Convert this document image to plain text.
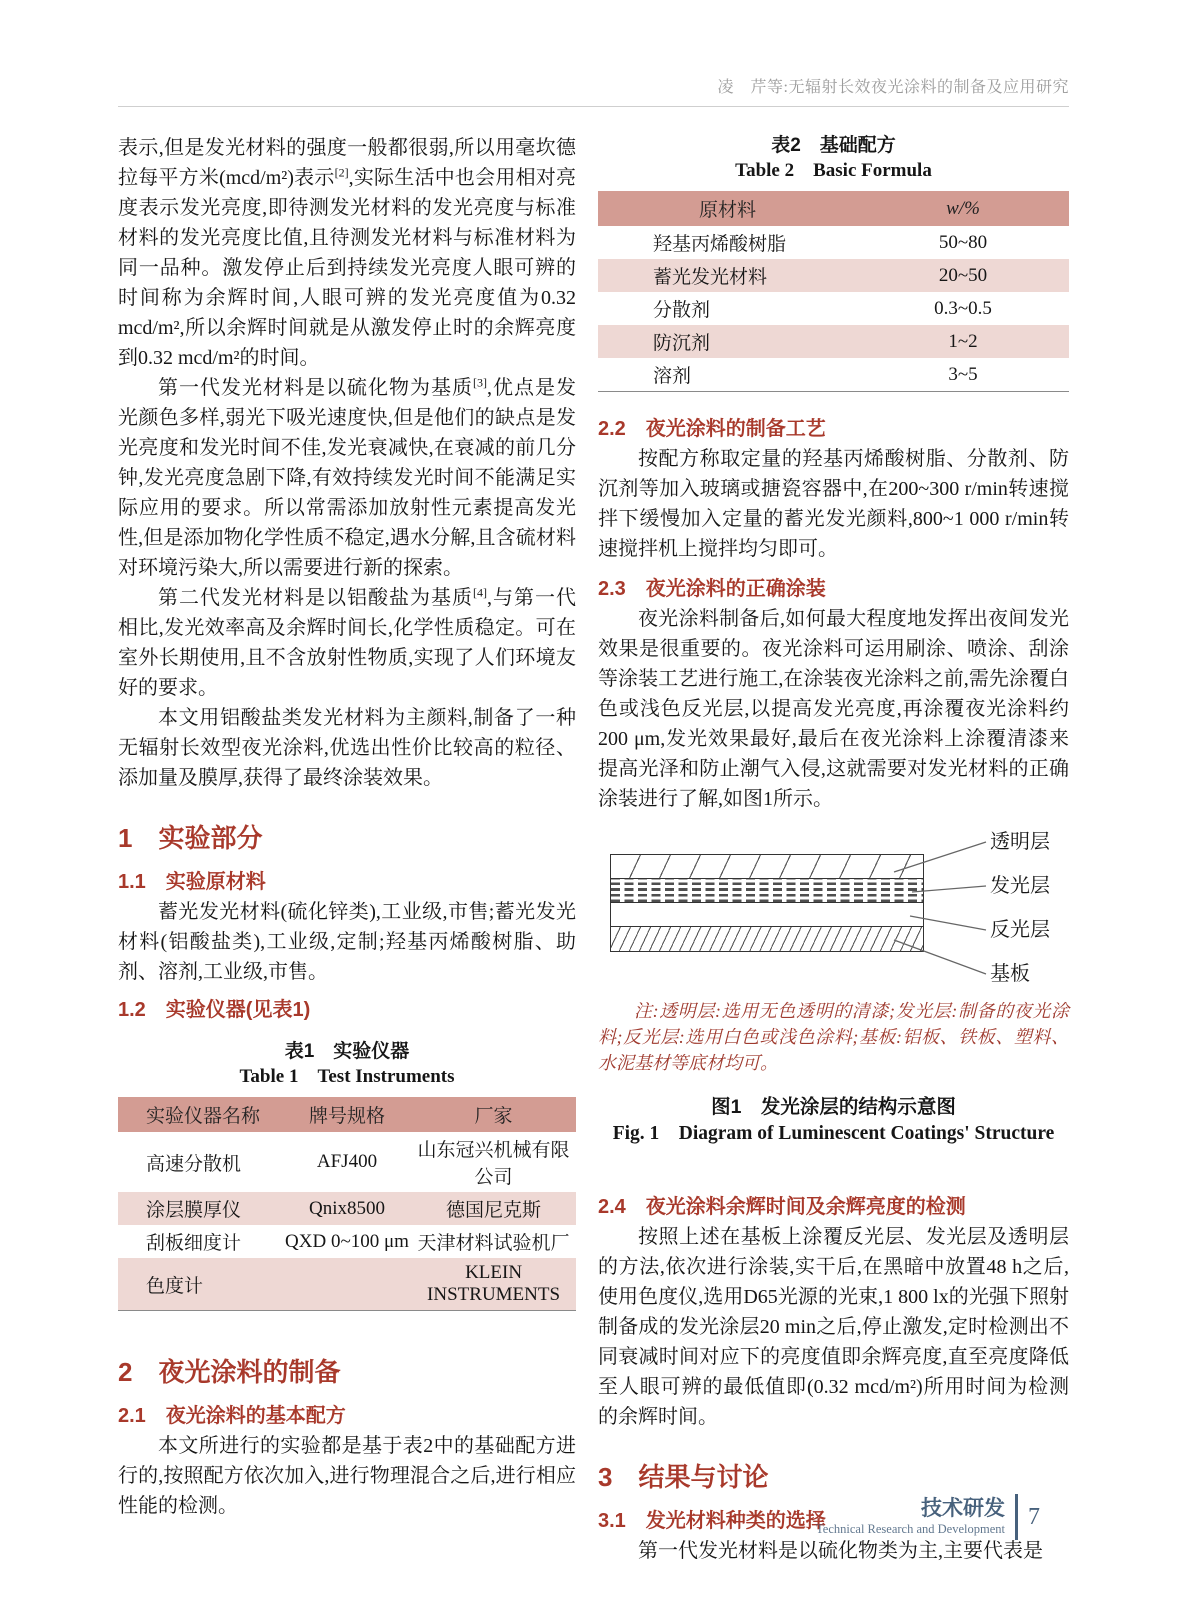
凌　芹等:无辐射长效夜光涂料的制备及应用研究

表示,但是发光材料的强度一般都很弱,所以用毫坎德拉每平方米(mcd/m²)表示[2],实际生活中也会用相对亮度表示发光亮度,即待测发光材料的发光亮度与标准材料的发光亮度比值,且待测发光材料与标准材料为同一品种。激发停止后到持续发光亮度人眼可辨的时间称为余辉时间,人眼可辨的发光亮度值为0.32 mcd/m²,所以余辉时间就是从激发停止时的余辉亮度到0.32 mcd/m²的时间。

第一代发光材料是以硫化物为基质[3],优点是发光颜色多样,弱光下吸光速度快,但是他们的缺点是发光亮度和发光时间不佳,发光衰减快,在衰减的前几分钟,发光亮度急剧下降,有效持续发光时间不能满足实际应用的要求。所以常需添加放射性元素提高发光性,但是添加物化学性质不稳定,遇水分解,且含硫材料对环境污染大,所以需要进行新的探索。

第二代发光材料是以铝酸盐为基质[4],与第一代相比,发光效率高及余辉时间长,化学性质稳定。可在室外长期使用,且不含放射性物质,实现了人们环境友好的要求。

本文用铝酸盐类发光材料为主颜料,制备了一种无辐射长效型夜光涂料,优选出性价比较高的粒径、添加量及膜厚,获得了最终涂装效果。

1　实验部分
1.1　实验原材料

蓄光发光材料(硫化锌类),工业级,市售;蓄光发光材料(铝酸盐类),工业级,定制;羟基丙烯酸树脂、助剂、溶剂,工业级,市售。

1.2　实验仪器(见表1)
表1　实验仪器
Table 1　Test Instruments
实验仪器名称	牌号规格	厂家
高速分散机	AFJ400	山东冠兴机械有限公司
涂层膜厚仪	Qnix8500	德国尼克斯
刮板细度计	QXD 0~100 μm	天津材料试验机厂
色度计		KLEIN INSTRUMENTS
2　夜光涂料的制备
2.1　夜光涂料的基本配方

本文所进行的实验都是基于表2中的基础配方进行的,按照配方依次加入,进行物理混合之后,进行相应性能的检测。

表2　基础配方
Table 2　Basic Formula
原材料	w/%
羟基丙烯酸树脂	50~80
蓄光发光材料	20~50
分散剂	0.3~0.5
防沉剂	1~2
溶剂	3~5
2.2　夜光涂料的制备工艺

按配方称取定量的羟基丙烯酸树脂、分散剂、防沉剂等加入玻璃或搪瓷容器中,在200~300 r/min转速搅拌下缓慢加入定量的蓄光发光颜料,800~1 000 r/min转速搅拌机上搅拌均匀即可。

2.3　夜光涂料的正确涂装

夜光涂料制备后,如何最大程度地发挥出夜间发光效果是很重要的。夜光涂料可运用刷涂、喷涂、刮涂等涂装工艺进行施工,在涂装夜光涂料之前,需先涂覆白色或浅色反光层,以提高发光亮度,再涂覆夜光涂料约200 μm,发光效果最好,最后在夜光涂料上涂覆清漆来提高光泽和防止潮气入侵,这就需要对发光材料的正确涂装进行了解,如图1所示。

透明层
发光层
反光层
基板

注:透明层:选用无色透明的清漆;发光层:制备的夜光涂料;反光层:选用白色或浅色涂料;基板:铝板、铁板、塑料、水泥基材等底材均可。

图1　发光涂层的结构示意图
Fig. 1　Diagram of Luminescent Coatings' Structure
2.4　夜光涂料余辉时间及余辉亮度的检测

按照上述在基板上涂覆反光层、发光层及透明层的方法,依次进行涂装,实干后,在黑暗中放置48 h之后,使用色度仪,选用D65光源的光束,1 800 lx的光强下照射制备成的发光涂层20 min之后,停止激发,定时检测出不同衰减时间对应下的亮度值即余辉亮度,直至亮度降低至人眼可辨的最低值即(0.32 mcd/m²)所用时间为检测的余辉时间。

3　结果与讨论
3.1　发光材料种类的选择

第一代发光材料是以硫化物类为主,主要代表是

技术研发
Technical Research and Development 7
